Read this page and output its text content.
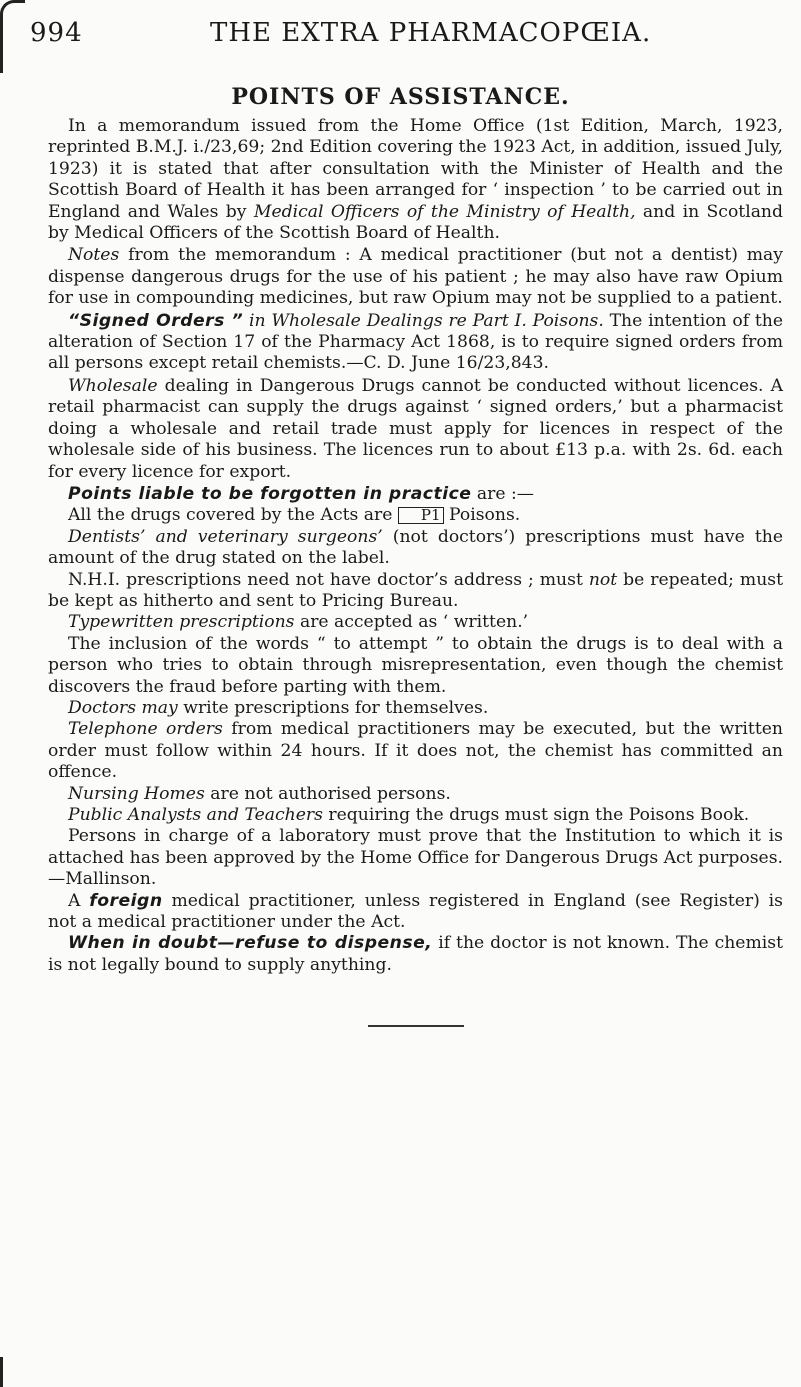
994	THE EXTRA PHARMACOPŒIA.
POINTS OF ASSISTANCE.

In a memorandum issued from the Home Office (1st Edition, March, 1923, reprinted B.M.J. i./23,69; 2nd Edition covering the 1923 Act, in addition, issued July, 1923) it is stated that after consultation with the Minister of Health and the Scottish Board of Health it has been arranged for ‘ inspection ’ to be carried out in England and Wales by Medical Officers of the Ministry of Health, and in Scotland by Medical Officers of the Scottish Board of Health.

Notes from the memorandum : A medical practitioner (but not a dentist) may dispense dangerous drugs for the use of his patient ; he may also have raw Opium for use in compounding medicines, but raw Opium may not be supplied to a patient.

“Signed Orders ” in Wholesale Dealings re Part I. Poisons. The intention of the alteration of Section 17 of the Pharmacy Act 1868, is to require signed orders from all persons except retail chemists.—C. D. June 16/23,843.

Wholesale dealing in Dangerous Drugs cannot be conducted without licences. A retail pharmacist can supply the drugs against ‘ signed orders,’ but a pharmacist doing a wholesale and retail trade must apply for licences in respect of the wholesale side of his business. The licences run to about £13 p.a. with 2s. 6d. each for every licence for export.

Points liable to be forgotten in practice are :—

All the drugs covered by the Acts are P1 Poisons.

Dentists’ and veterinary surgeons’ (not doctors’) prescriptions must have the amount of the drug stated on the label.

N.H.I. prescriptions need not have doctor’s address ; must not be repeated; must be kept as hitherto and sent to Pricing Bureau.

Typewritten prescriptions are accepted as ‘ written.’

The inclusion of the words “ to attempt ” to obtain the drugs is to deal with a person who tries to obtain through misrepresentation, even though the chemist discovers the fraud before parting with them.

Doctors may write prescriptions for themselves.

Telephone orders from medical practitioners may be executed, but the written order must follow within 24 hours. If it does not, the chemist has committed an offence.

Nursing Homes are not authorised persons.

Public Analysts and Teachers requiring the drugs must sign the Poisons Book.

Persons in charge of a laboratory must prove that the Institution to which it is attached has been approved by the Home Office for Dangerous Drugs Act purposes.—Mallinson.

A foreign medical practitioner, unless registered in England (see Register) is not a medical practitioner under the Act.

When in doubt—refuse to dispense, if the doctor is not known. The chemist is not legally bound to supply anything.
